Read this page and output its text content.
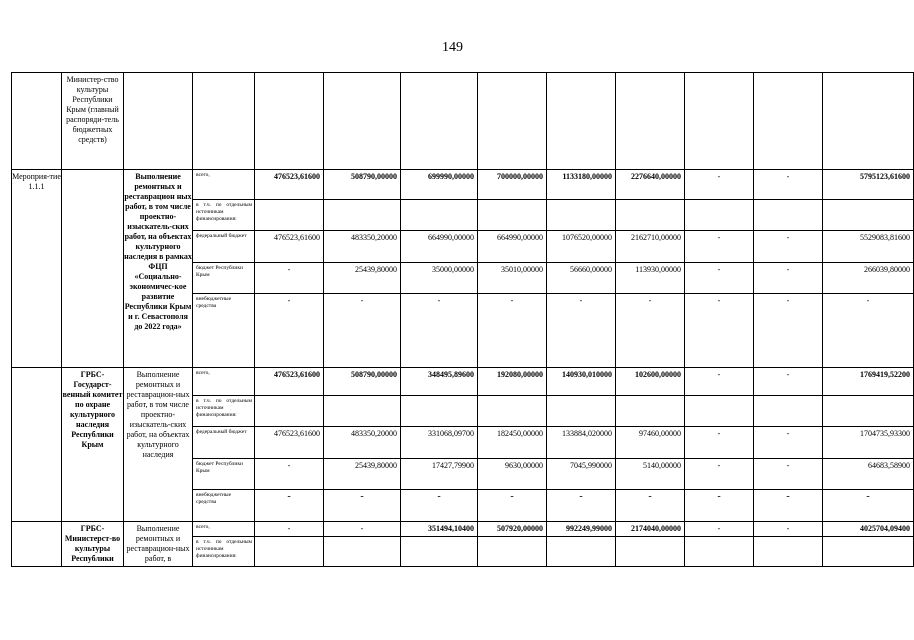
149
	Министер-ство культуры Республики Крым (главный распоряди-тель бюджетных средств)											
Мероприя-тие 1.1.1		Выполнение ремонтных и реставрацион ных работ, в том числе проектно-изыскатель-ских работ, на объектах культурного наследия в рамках ФЦП «Социально-экономичес-кое развитие Республики Крым и г. Севастополя до 2022 года»	всего,	476523,61600	508790,00000	699990,00000	700000,00000	1133180,00000	2276640,00000	-	-	5795123,61600
			в т.ч. по отдельным источникам финансирования:									
			федеральный бюджет	476523,61600	483350,20000	664990,00000	664990,00000	1076520,00000	2162710,00000	-	-	5529083,81600
			бюджет Республики Крым	-	25439,80000	35000,00000	35010,00000	56660,00000	113930,00000	-	-	266039,80000
			внебюджетные средства	-	-	-	-	-	-	-	-	-
	ГРБС-Государст-венный комитет по охране культурного наследия Республики Крым	Выполнение ремонтных и реставрацион-ных работ, в том числе проектно-изыскатель-ских работ, на объектах культурного наследия	всего,	476523,61600	508790,00000	348495,89600	192080,00000	140930,010000	102600,00000	-	-	1769419,52200
			в т.ч. по отдельным источникам финансирования:									
			федеральный бюджет	476523,61600	483350,20000	331068,09700	182450,00000	133884,020000	97460,00000	-	-	1704735,93300
			бюджет Республики Крым	-	25439,80000	17427,79900	9630,00000	7045,990000	5140,00000	-	-	64683,58900
			внебюджетные средства	-	-	-	-	-	-	-	-	-
	ГРБС-Министерст-во культуры Республики	Выполнение ремонтных и реставрацион-ных работ, в	всего,	-	-	351494,10400	507920,00000	992249,99000	2174040,00000	-	-	4025704,09400
			в т.ч. по отдельным источникам финансирования:									
